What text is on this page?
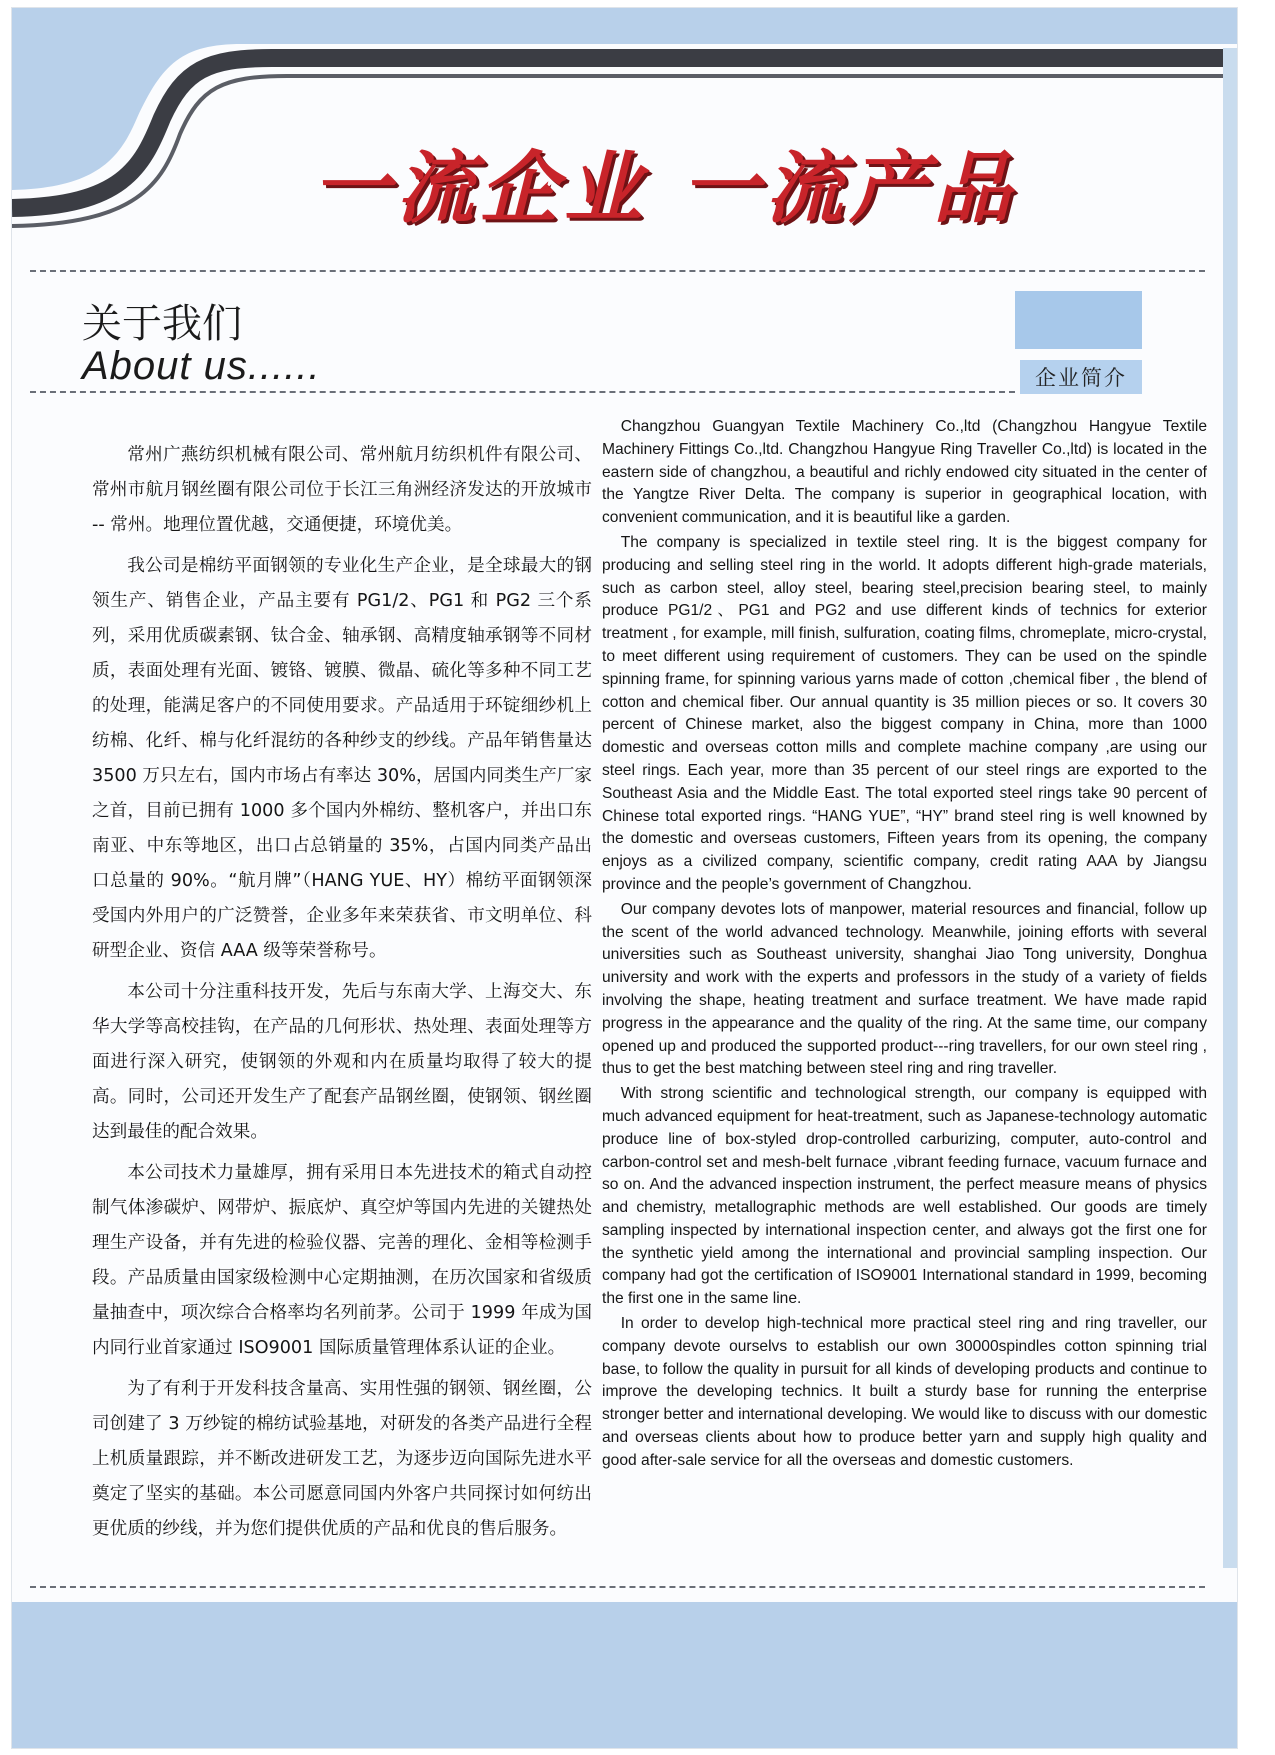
一流企业 一流产品
关于我们
About us......	企业简介

常州广燕纺织机械有限公司、常州航月纺织机件有限公司、常州市航月钢丝圈有限公司位于长江三角洲经济发达的开放城市 -- 常州。地理位置优越，交通便捷，环境优美。

我公司是棉纺平面钢领的专业化生产企业，是全球最大的钢领生产、销售企业，产品主要有 PG1/2、PG1 和 PG2 三个系列，采用优质碳素钢、钛合金、轴承钢、高精度轴承钢等不同材质，表面处理有光面、镀铬、镀膜、微晶、硫化等多种不同工艺的处理，能满足客户的不同使用要求。产品适用于环锭细纱机上纺棉、化纤、棉与化纤混纺的各种纱支的纱线。产品年销售量达 3500 万只左右，国内市场占有率达 30%，居国内同类生产厂家之首，目前已拥有 1000 多个国内外棉纺、整机客户，并出口东南亚、中东等地区，出口占总销量的 35%，占国内同类产品出口总量的 90%。“航月牌”（HANG YUE、HY）棉纺平面钢领深受国内外用户的广泛赞誉，企业多年来荣获省、市文明单位、科研型企业、资信 AAA 级等荣誉称号。

本公司十分注重科技开发，先后与东南大学、上海交大、东华大学等高校挂钩，在产品的几何形状、热处理、表面处理等方面进行深入研究，使钢领的外观和内在质量均取得了较大的提高。同时，公司还开发生产了配套产品钢丝圈，使钢领、钢丝圈达到最佳的配合效果。

本公司技术力量雄厚，拥有采用日本先进技术的箱式自动控制气体渗碳炉、网带炉、振底炉、真空炉等国内先进的关键热处理生产设备，并有先进的检验仪器、完善的理化、金相等检测手段。产品质量由国家级检测中心定期抽测，在历次国家和省级质量抽查中，项次综合合格率均名列前茅。公司于 1999 年成为国内同行业首家通过 ISO9001 国际质量管理体系认证的企业。

为了有利于开发科技含量高、实用性强的钢领、钢丝圈，公司创建了 3 万纱锭的棉纺试验基地，对研发的各类产品进行全程上机质量跟踪，并不断改进研发工艺，为逐步迈向国际先进水平奠定了坚实的基础。本公司愿意同国内外客户共同探讨如何纺出更优质的纱线，并为您们提供优质的产品和优良的售后服务。

Changzhou Guangyan Textile Machinery Co.,ltd (Changzhou Hangyue Textile Machinery Fittings Co.,ltd. Changzhou Hangyue Ring Traveller Co.,ltd) is located in the eastern side of changzhou, a beautiful and richly endowed city situated in the center of the Yangtze River Delta. The company is superior in geographical location, with convenient communication, and it is beautiful like a garden.

The company is specialized in textile steel ring. It is the biggest company for producing and selling steel ring in the world. It adopts different high-grade materials, such as carbon steel, alloy steel, bearing steel,precision bearing steel, to mainly produce PG1/2、PG1 and PG2 and use different kinds of technics for exterior treatment , for example, mill finish, sulfuration, coating films, chromeplate, micro-crystal, to meet different using requirement of customers. They can be used on the spindle spinning frame, for spinning various yarns made of cotton ,chemical fiber , the blend of cotton and chemical fiber. Our annual quantity is 35 million pieces or so. It covers 30 percent of Chinese market, also the biggest company in China, more than 1000 domestic and overseas cotton mills and complete machine company ,are using our steel rings. Each year, more than 35 percent of our steel rings are exported to the Southeast Asia and the Middle East. The total exported steel rings take 90 percent of Chinese total exported rings. “HANG YUE”, “HY” brand steel ring is well knowned by the domestic and overseas customers, Fifteen years from its opening, the company enjoys as a civilized company, scientific company, credit rating AAA by Jiangsu province and the people’s government of Changzhou.

Our company devotes lots of manpower, material resources and financial, follow up the scent of the world advanced technology. Meanwhile, joining efforts with several universities such as Southeast university, shanghai Jiao Tong university, Donghua university and work with the experts and professors in the study of a variety of fields involving the shape, heating treatment and surface treatment. We have made rapid progress in the appearance and the quality of the ring. At the same time, our company opened up and produced the supported product---ring travellers, for our own steel ring , thus to get the best matching between steel ring and ring traveller.

With strong scientific and technological strength, our company is equipped with much advanced equipment for heat-treatment, such as Japanese-technology automatic produce line of box-styled drop-controlled carburizing, computer, auto-control and carbon-control set and mesh-belt furnace ,vibrant feeding furnace, vacuum furnace and so on. And the advanced inspection instrument, the perfect measure means of physics and chemistry, metallographic methods are well established. Our goods are timely sampling inspected by international inspection center, and always got the first one for the synthetic yield among the international and provincial sampling inspection. Our company had got the certification of ISO9001 International standard in 1999, becoming the first one in the same line.

In order to develop high-technical more practical steel ring and ring traveller, our company devote ourselvs to establish our own 30000spindles cotton spinning trial base, to follow the quality in pursuit for all kinds of developing products and continue to improve the developing technics. It built a sturdy base for running the enterprise stronger better and international developing. We would like to discuss with our domestic and overseas clients about how to produce better yarn and supply high quality and good after-sale service for all the overseas and domestic customers.
